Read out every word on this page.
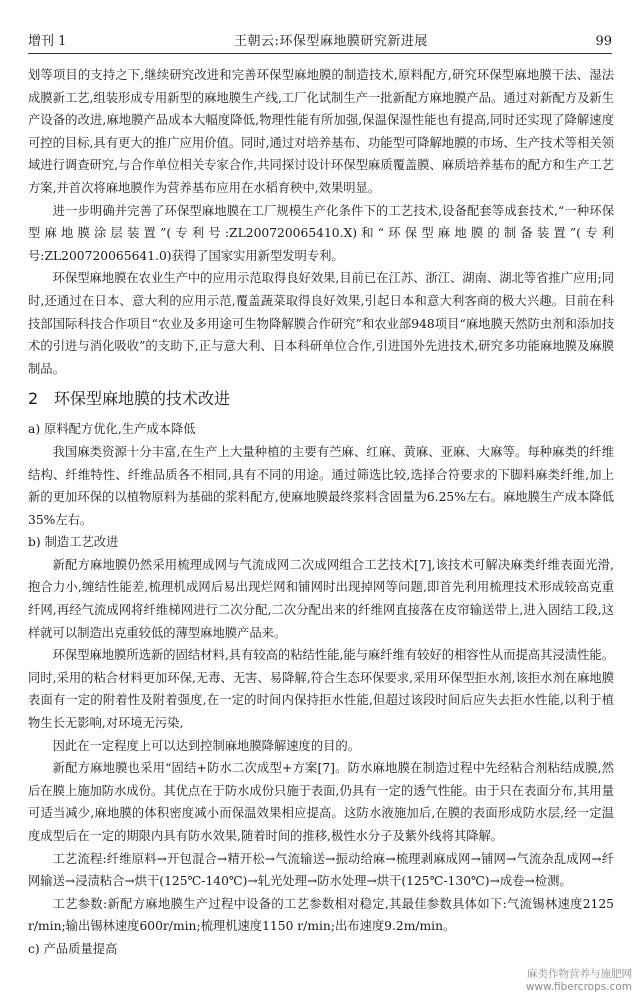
增刊 1	王朝云:环保型麻地膜研究新进展	99

划等项目的支持之下,继续研究改进和完善环保型麻地膜的制造技术,原料配方,研究环保型麻地膜干法、湿法成膜新工艺,组装形成专用新型的麻地膜生产线,工厂化试制生产一批新配方麻地膜产品。通过对新配方及新生产设备的改进,麻地膜产品成本大幅度降低,物理性能有所加强,保温保湿性能也有提高,同时还实现了降解速度可控的目标,具有更大的推广应用价值。同时,通过对培养基布、功能型可降解地膜的市场、生产技术等相关领域进行调查研究,与合作单位相关专家合作,共同探讨设计环保型麻质覆盖膜、麻质培养基布的配方和生产工艺方案,并首次将麻地膜作为营养基布应用在水稻育秧中,效果明显。

进一步明确并完善了环保型麻地膜在工厂规模生产化条件下的工艺技术,设备配套等成套技术,“一种环保型麻地膜涂层装置”(专利号:ZL200720065410.X)和“环保型麻地膜的制备装置”(专利号:ZL200720065641.0)获得了国家实用新型发明专利。

环保型麻地膜在农业生产中的应用示范取得良好效果,目前已在江苏、浙江、湖南、湖北等省推广应用;同时,还通过在日本、意大利的应用示范,覆盖蔬菜取得良好效果,引起日本和意大利客商的极大兴趣。目前在科技部国际科技合作项目“农业及多用途可生物降解膜合作研究”和农业部948项目“麻地膜天然防虫剂和添加技术的引进与消化吸收”的支助下,正与意大利、日本科研单位合作,引进国外先进技术,研究多功能麻地膜及麻膜制品。

2 环保型麻地膜的技术改进

a) 原料配方优化,生产成本降低

我国麻类资源十分丰富,在生产上大量种植的主要有苎麻、红麻、黄麻、亚麻、大麻等。每种麻类的纤维结构、纤维特性、纤维品质各不相同,具有不同的用途。通过筛选比较,选择合符要求的下脚料麻类纤维,加上新的更加环保的以植物原料为基础的浆料配方,使麻地膜最终浆料含固量为6.25%左右。麻地膜生产成本降低35%左右。

b) 制造工艺改进

新配方麻地膜仍然采用梳理成网与气流成网二次成网组合工艺技术[7],该技术可解决麻类纤维表面光滑,抱合力小,缠结性能差,梳理机成网后易出现烂网和铺网时出现掉网等问题,即首先利用梳理技术形成较高克重纤网,再经气流成网将纤维梯网进行二次分配,二次分配出来的纤维网直接落在皮帘输送带上,进入固结工段,这样就可以制造出克重较低的薄型麻地膜产品来。

环保型麻地膜所选新的固结材料,具有较高的粘结性能,能与麻纤维有较好的相容性从而提高其浸渍性能。同时,采用的粘合材料更加环保,无毒、无害、易降解,符合生态环保要求,采用环保型拒水剂,该拒水剂在麻地膜表面有一定的附着性及附着强度,在一定的时间内保持拒水性能,但超过该段时间后应失去拒水性能,以利于植物生长无影响,对环境无污染,

因此在一定程度上可以达到控制麻地膜降解速度的目的。

新配方麻地膜也采用“固结+防水二次成型+方案[7]。防水麻地膜在制造过程中先经粘合剂粘结成膜,然后在膜上施加防水成份。其优点在于防水成份只施于表面,仍具有一定的透气性能。由于只在表面分布,其用量可适当减少,麻地膜的体积密度减小而保温效果相应提高。这防水液施加后,在膜的表面形成防水层,经一定温度成型后在一定的期限内具有防水效果,随着时间的推移,极性水分子及紫外线将其降解。

工艺流程:纤维原料→开包混合→精开松→气流输送→振动给麻→梳理剥麻成网→铺网→气流杂乱成网→纤网输送→浸渍粘合→烘干(125℃-140℃)→轧光处理→防水处理→烘干(125℃-130℃)→成卷→检测。

工艺参数:新配方麻地膜生产过程中设备的工艺参数相对稳定,其最佳参数具体如下:气流锡林速度2125 r/min;输出锡林速度600r/min;梳理机速度1150 r/min;出布速度9.2m/min。

c) 产品质量提高

麻类作物营养与施肥网
www.fibercrops.com
